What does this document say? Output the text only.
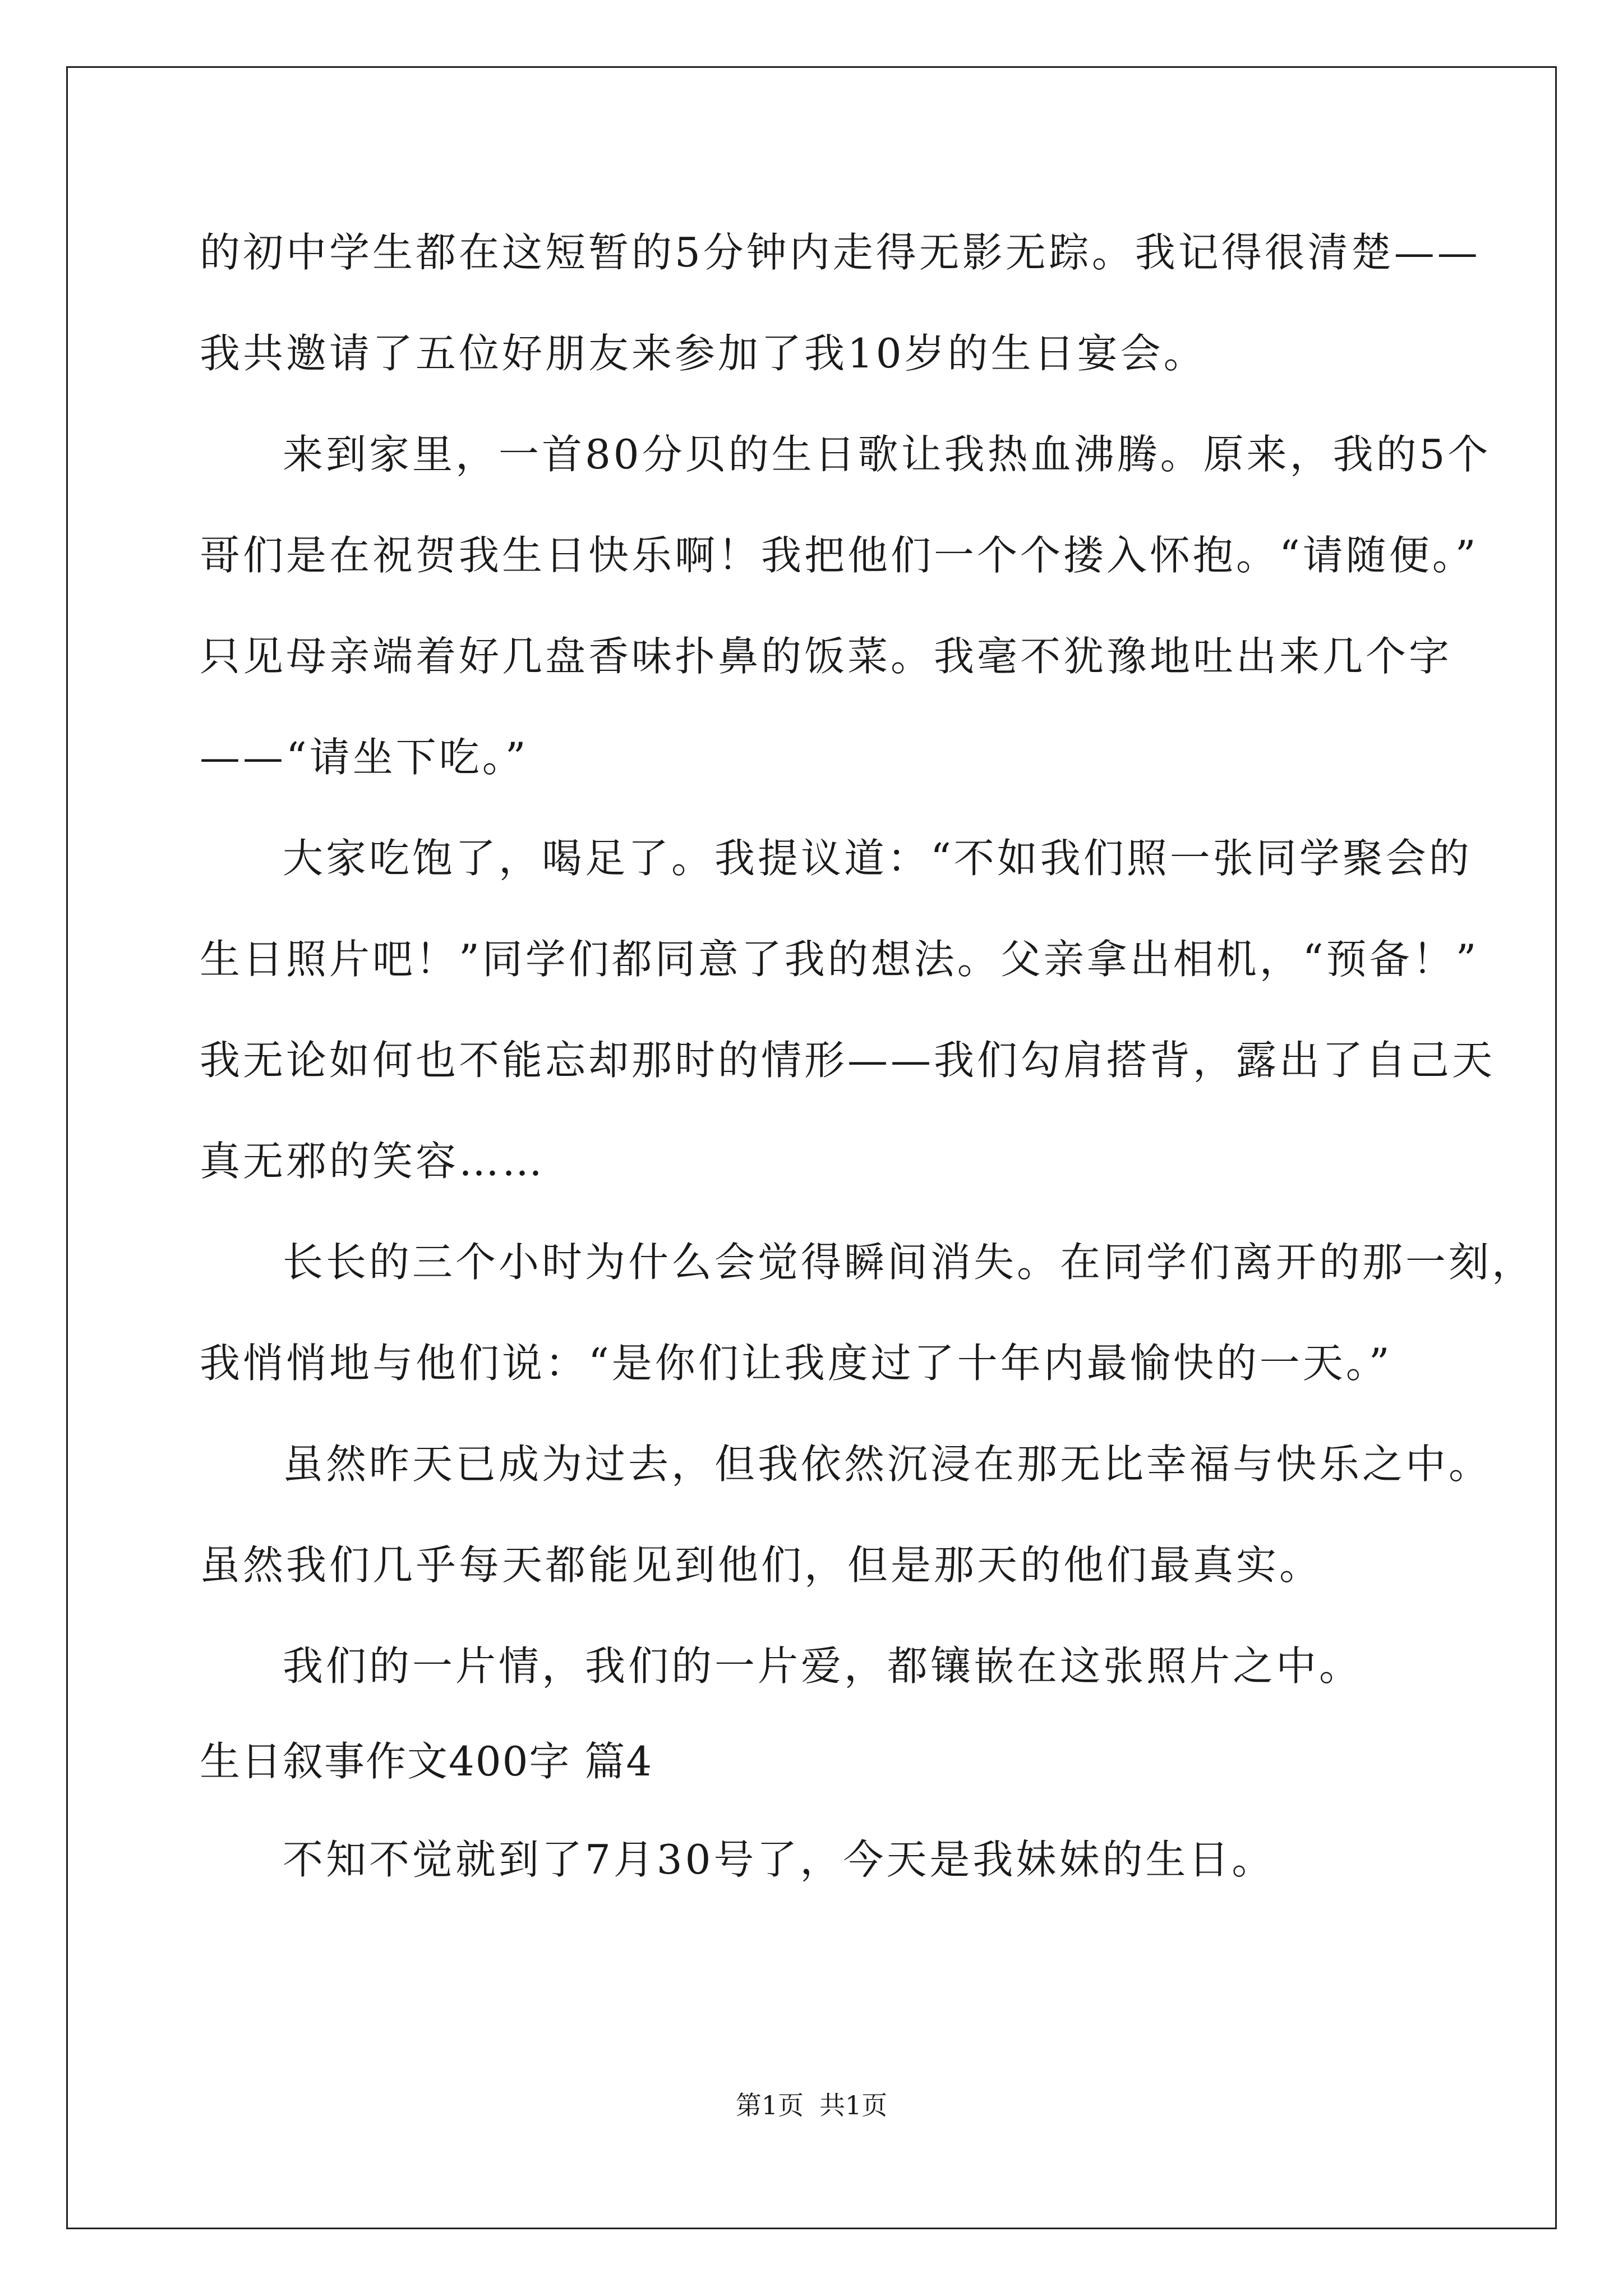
的初中学生都在这短暂的5分钟内走得无影无踪。我记得很清楚——
我共邀请了五位好朋友来参加了我10岁的生日宴会。
来到家里，一首80分贝的生日歌让我热血沸腾。原来，我的5个
哥们是在祝贺我生日快乐啊！我把他们一个个搂入怀抱。“请随便。”
只见母亲端着好几盘香味扑鼻的饭菜。我毫不犹豫地吐出来几个字
——“请坐下吃。”
大家吃饱了，喝足了。我提议道：“不如我们照一张同学聚会的
生日照片吧！”同学们都同意了我的想法。父亲拿出相机，“预备！”
我无论如何也不能忘却那时的情形——我们勾肩搭背，露出了自己天
真无邪的笑容……
长长的三个小时为什么会觉得瞬间消失。在同学们离开的那一刻，
我悄悄地与他们说：“是你们让我度过了十年内最愉快的一天。”
虽然昨天已成为过去，但我依然沉浸在那无比幸福与快乐之中。
虽然我们几乎每天都能见到他们，但是那天的他们最真实。
我们的一片情，我们的一片爱，都镶嵌在这张照片之中。
生日叙事作文400字 篇4
不知不觉就到了7月30号了，今天是我妹妹的生日。
第1页 共1页
